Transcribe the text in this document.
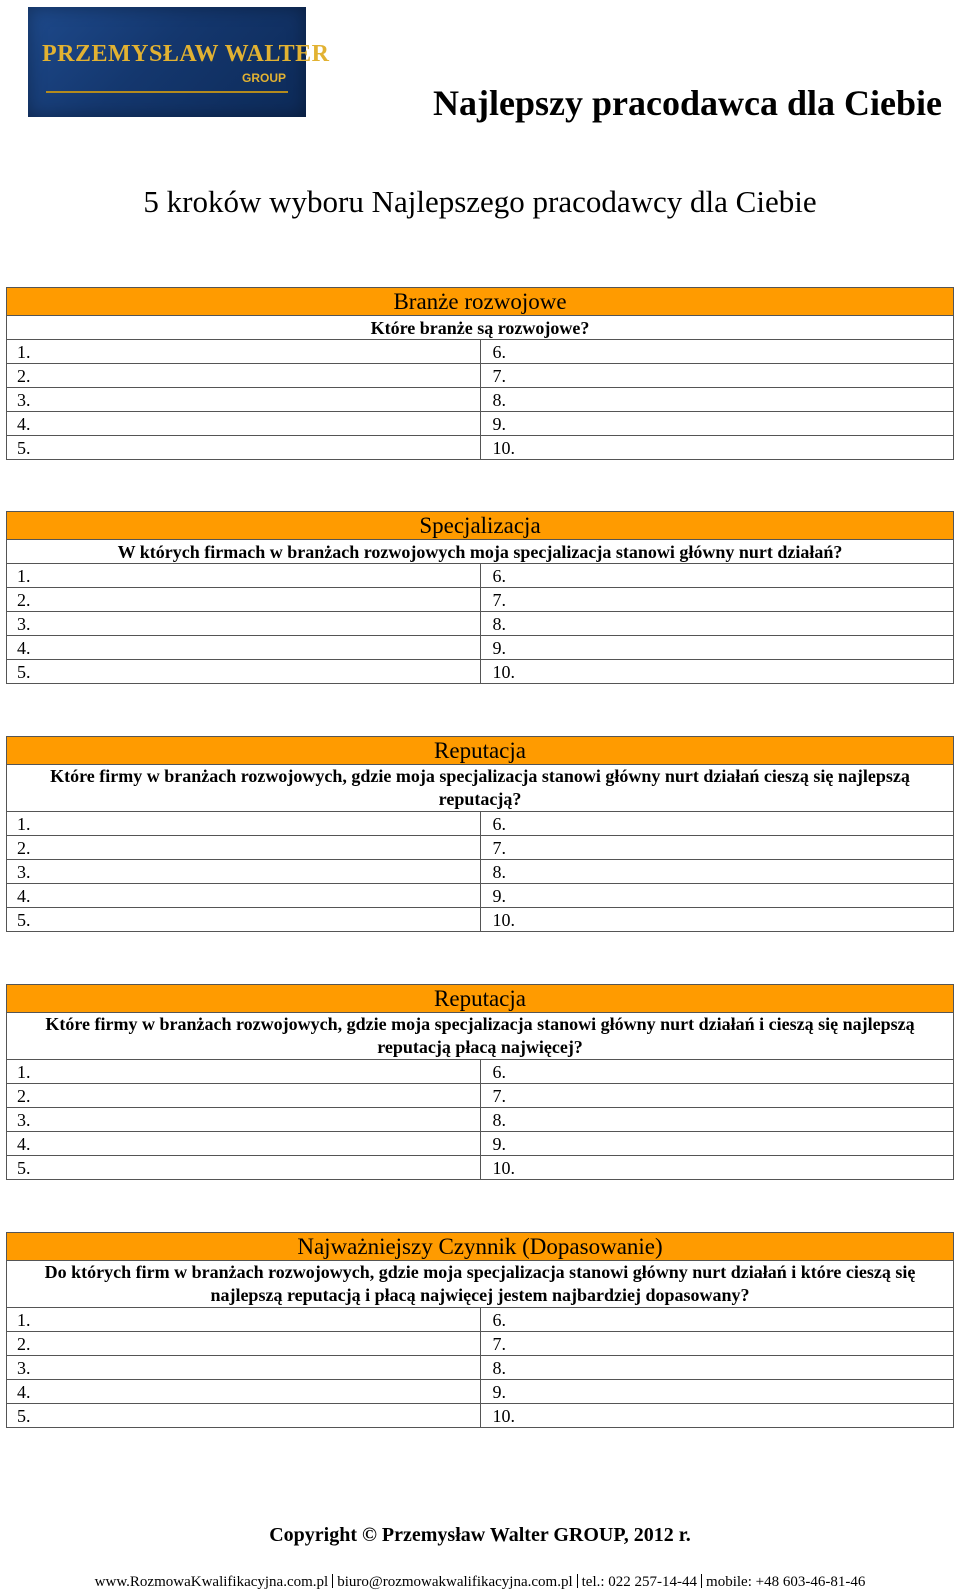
PRZEMYSŁAW WALTER
GROUP
Najlepszy pracodawca dla Ciebie
5 kroków wyboru Najlepszego pracodawcy dla Ciebie
Branże rozwojowe	
Które branże są rozwojowe?	
1.	6.
2.	7.
3.	8.
4.	9.
5.	10.
Specjalizacja	
W których firmach w branżach rozwojowych moja specjalizacja stanowi główny nurt działań?	
1.	6.
2.	7.
3.	8.
4.	9.
5.	10.
Reputacja	
Które firmy w branżach rozwojowych, gdzie moja specjalizacja stanowi główny nurt działań cieszą się najlepszą reputacją?	
1.	6.
2.	7.
3.	8.
4.	9.
5.	10.
Reputacja	
Które firmy w branżach rozwojowych, gdzie moja specjalizacja stanowi główny nurt działań i cieszą się najlepszą reputacją płacą najwięcej?	
1.	6.
2.	7.
3.	8.
4.	9.
5.	10.
Najważniejszy Czynnik (Dopasowanie)	
Do których firm w branżach rozwojowych, gdzie moja specjalizacja stanowi główny nurt działań i które cieszą się najlepszą reputacją i płacą najwięcej jestem najbardziej dopasowany?	
1.	6.
2.	7.
3.	8.
4.	9.
5.	10.
Copyright © Przemysław Walter GROUP, 2012 r.
www.RozmowaKwalifikacyjna.com.pl biuro@rozmowakwalifikacyjna.com.pl tel.: 022 257-14-44 mobile: +48 603-46-81-46
